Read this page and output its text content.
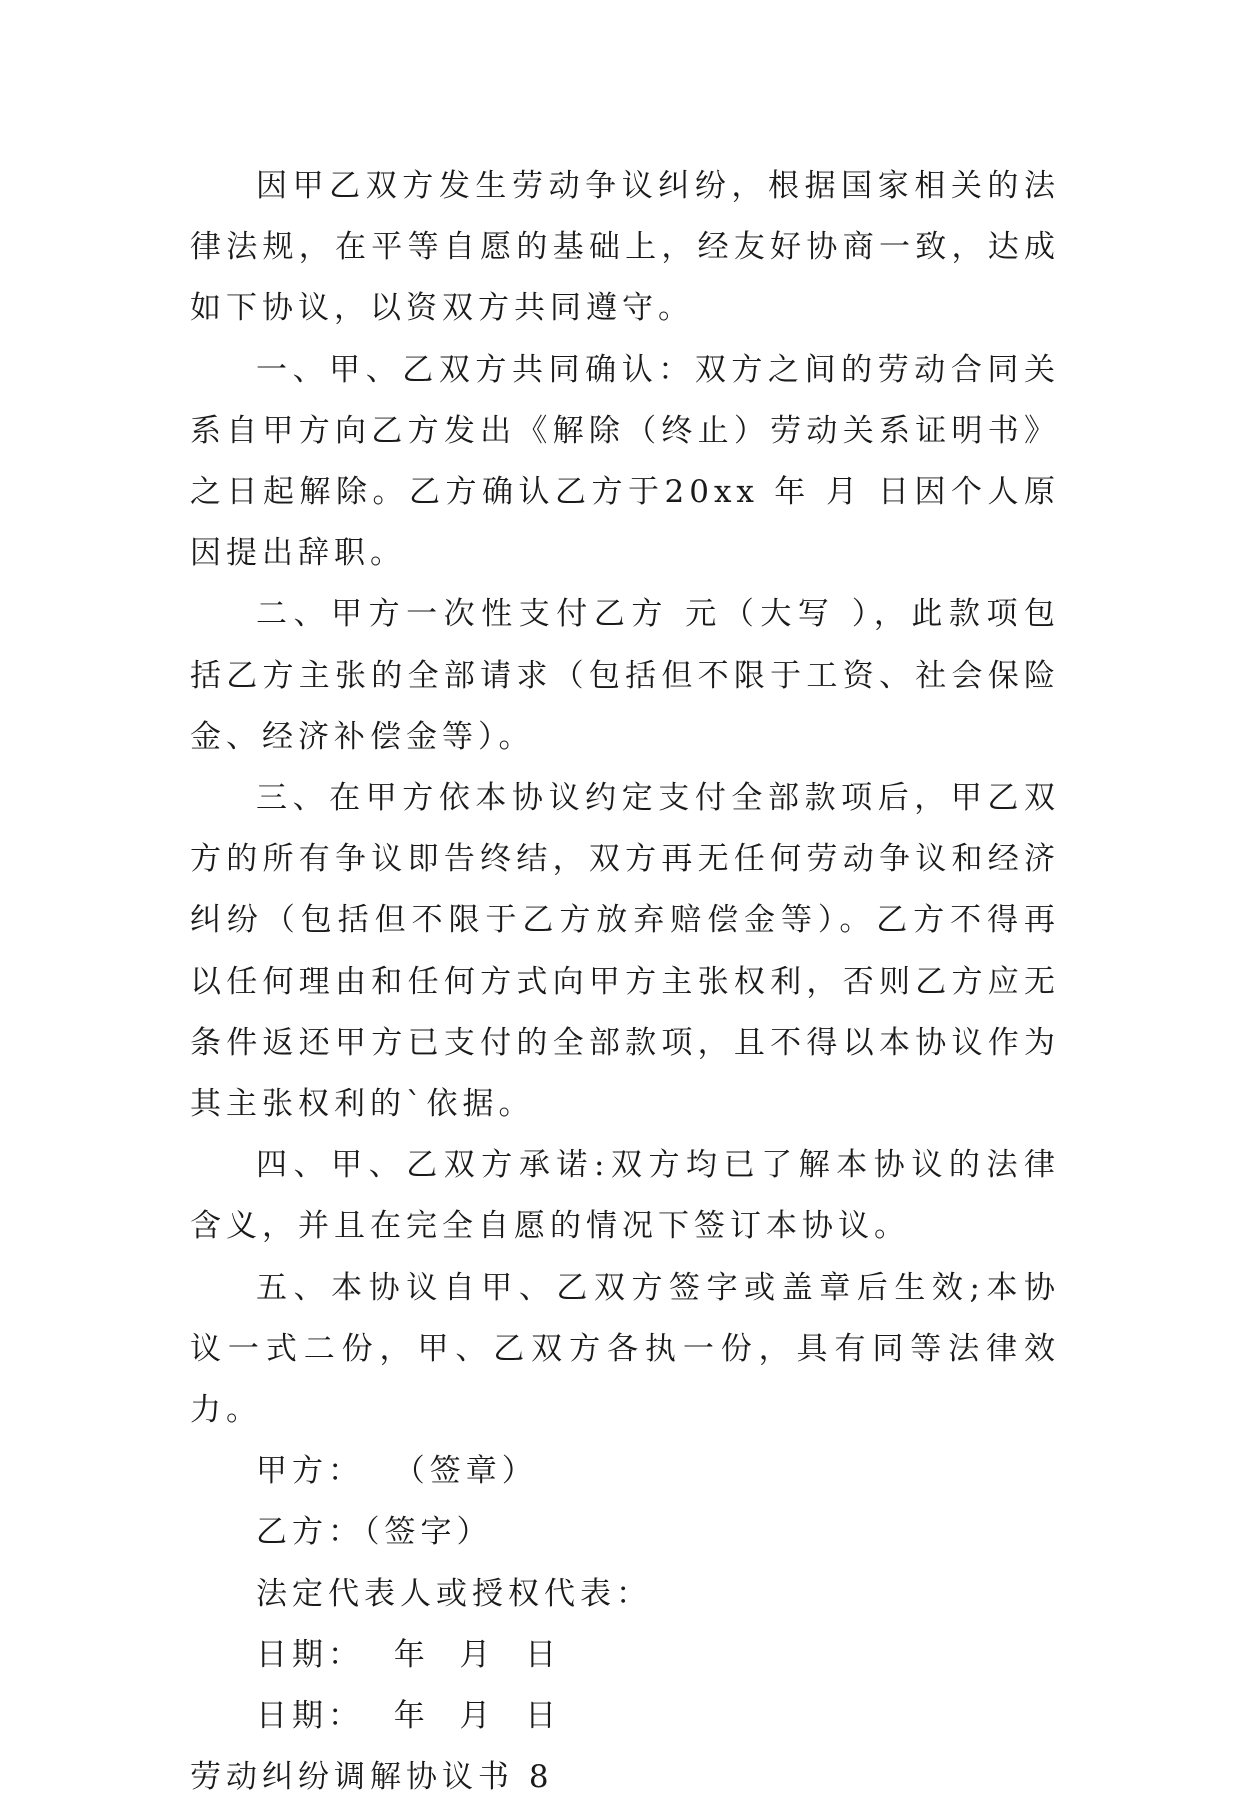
因甲乙双方发生劳动争议纠纷，根据国家相关的法律法规，在平等自愿的基础上，经友好协商一致，达成如下协议，以资双方共同遵守。

一、甲、乙双方共同确认：双方之间的劳动合同关系自甲方向乙方发出《解除（终止）劳动关系证明书》之日起解除。乙方确认乙方于20xx 年 月 日因个人原因提出辞职。

二、甲方一次性支付乙方 元（大写 ），此款项包括乙方主张的全部请求（包括但不限于工资、社会保险金、经济补偿金等）。

三、在甲方依本协议约定支付全部款项后，甲乙双方的所有争议即告终结，双方再无任何劳动争议和经济纠纷（包括但不限于乙方放弃赔偿金等）。乙方不得再以任何理由和任何方式向甲方主张权利，否则乙方应无条件返还甲方已支付的全部款项，且不得以本协议作为其主张权利的`依据。

四、甲、乙双方承诺:双方均已了解本协议的法律含义，并且在完全自愿的情况下签订本协议。

五、本协议自甲、乙双方签字或盖章后生效;本协议一式二份，甲、乙双方各执一份，具有同等法律效力。

甲方：  （签章）

乙方：（签字）

法定代表人或授权代表：

日期：  年  月  日

日期：  年  月  日

劳动纠纷调解协议书 8
